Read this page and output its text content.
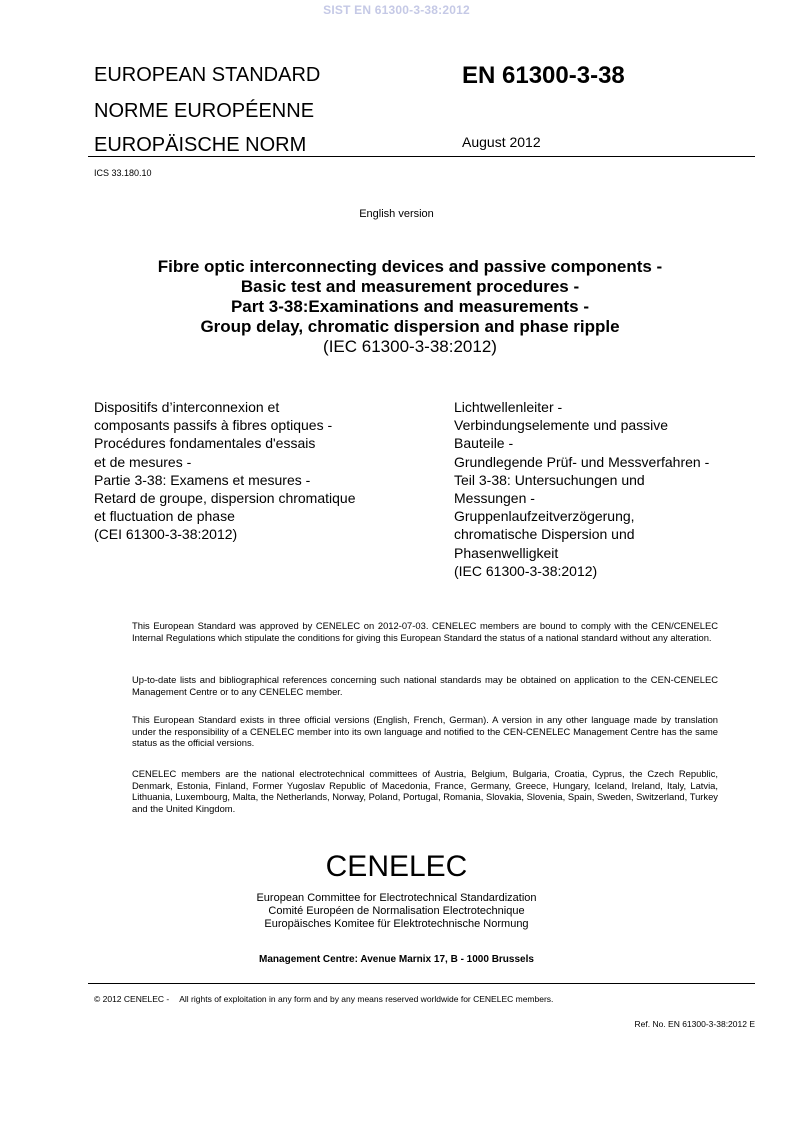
SIST EN 61300-3-38:2012
EUROPEAN STANDARD
NORME EUROPÉENNE
EUROPÄISCHE NORM
EN 61300-3-38
August 2012
ICS 33.180.10
English version
Fibre optic interconnecting devices and passive components -
Basic test and measurement procedures -
Part 3-38:Examinations and measurements -
Group delay, chromatic dispersion and phase ripple
(IEC 61300-3-38:2012)
Dispositifs d’interconnexion et
composants passifs à fibres optiques -
Procédures fondamentales d'essais
et de mesures -
Partie 3-38: Examens et mesures -
Retard de groupe, dispersion chromatique
et fluctuation de phase
(CEI 61300-3-38:2012)
Lichtwellenleiter -
Verbindungselemente und passive
Bauteile -
Grundlegende Prüf- und Messverfahren -
Teil 3-38: Untersuchungen und
Messungen -
Gruppenlaufzeitverzögerung,
chromatische Dispersion und
Phasenwelligkeit
(IEC 61300-3-38:2012)
This European Standard was approved by CENELEC on 2012-07-03. CENELEC members are bound to comply with the CEN/CENELEC Internal Regulations which stipulate the conditions for giving this European Standard the status of a national standard without any alteration.
Up-to-date lists and bibliographical references concerning such national standards may be obtained on application to the CEN-CENELEC Management Centre or to any CENELEC member.
This European Standard exists in three official versions (English, French, German). A version in any other language made by translation under the responsibility of a CENELEC member into its own language and notified to the CEN-CENELEC Management Centre has the same status as the official versions.
CENELEC members are the national electrotechnical committees of Austria, Belgium, Bulgaria, Croatia, Cyprus, the Czech Republic, Denmark, Estonia, Finland, Former Yugoslav Republic of Macedonia, France, Germany, Greece, Hungary, Iceland, Ireland, Italy, Latvia, Lithuania, Luxembourg, Malta, the Netherlands, Norway, Poland, Portugal, Romania, Slovakia, Slovenia, Spain, Sweden, Switzerland, Turkey and the United Kingdom.
CENELEC
European Committee for Electrotechnical Standardization
Comité Européen de Normalisation Electrotechnique
Europäisches Komitee für Elektrotechnische Normung
Management Centre: Avenue Marnix 17, B - 1000 Brussels
© 2012 CENELEC - All rights of exploitation in any form and by any means reserved worldwide for CENELEC members.
Ref. No. EN 61300-3-38:2012 E
